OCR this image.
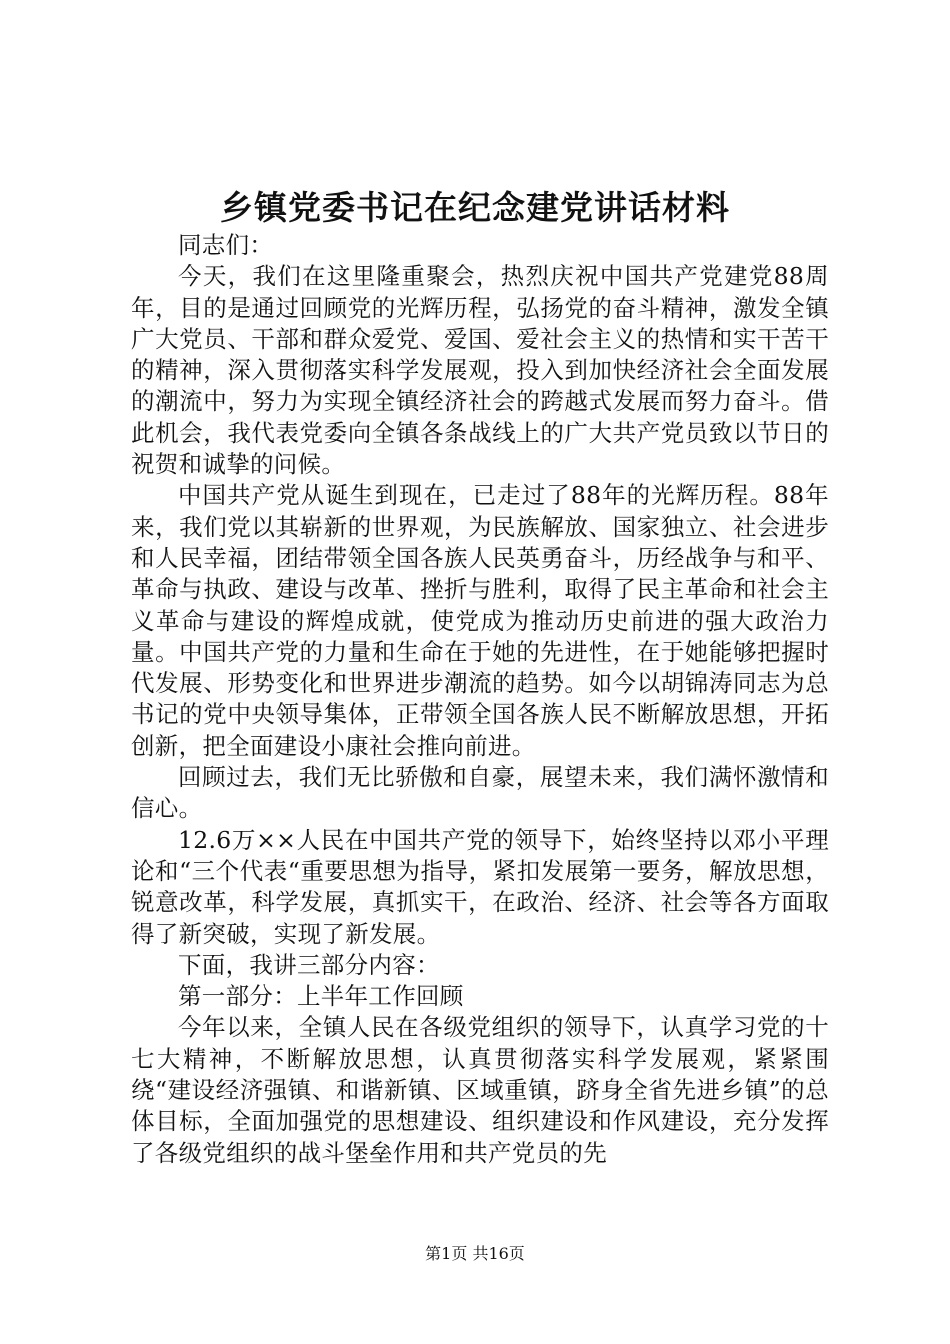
乡镇党委书记在纪念建党讲话材料

同志们：

今天，我们在这里隆重聚会，热烈庆祝中国共产党建党88周年，目的是通过回顾党的光辉历程，弘扬党的奋斗精神，激发全镇广大党员、干部和群众爱党、爱国、爱社会主义的热情和实干苦干的精神，深入贯彻落实科学发展观，投入到加快经济社会全面发展的潮流中，努力为实现全镇经济社会的跨越式发展而努力奋斗。借此机会，我代表党委向全镇各条战线上的广大共产党员致以节日的祝贺和诚挚的问候。

中国共产党从诞生到现在，已走过了88年的光辉历程。88年来，我们党以其崭新的世界观，为民族解放、国家独立、社会进步和人民幸福，团结带领全国各族人民英勇奋斗，历经战争与和平、革命与执政、建设与改革、挫折与胜利，取得了民主革命和社会主义革命与建设的辉煌成就，使党成为推动历史前进的强大政治力量。中国共产党的力量和生命在于她的先进性，在于她能够把握时代发展、形势变化和世界进步潮流的趋势。如今以胡锦涛同志为总书记的党中央领导集体，正带领全国各族人民不断解放思想，开拓创新，把全面建设小康社会推向前进。

回顾过去，我们无比骄傲和自豪，展望未来，我们满怀激情和信心。

12.6万××人民在中国共产党的领导下，始终坚持以邓小平理论和“三个代表“重要思想为指导，紧扣发展第一要务，解放思想，锐意改革，科学发展，真抓实干，在政治、经济、社会等各方面取得了新突破，实现了新发展。

下面，我讲三部分内容：

第一部分：上半年工作回顾

今年以来，全镇人民在各级党组织的领导下，认真学习党的十七大精神，不断解放思想，认真贯彻落实科学发展观，紧紧围绕“建设经济强镇、和谐新镇、区域重镇，跻身全省先进乡镇”的总体目标，全面加强党的思想建设、组织建设和作风建设，充分发挥了各级党组织的战斗堡垒作用和共产党员的先

第1页 共16页
